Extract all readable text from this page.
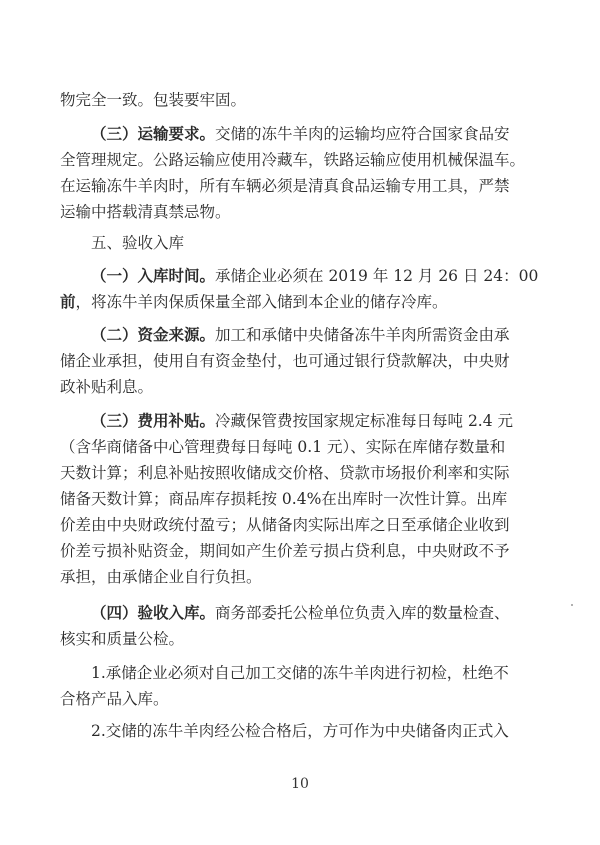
物完全一致。包装要牢固。
（三）运输要求。交储的冻牛羊肉的运输均应符合国家食品安
全管理规定。公路运输应使用冷藏车，铁路运输应使用机械保温车。
在运输冻牛羊肉时，所有车辆必须是清真食品运输专用工具，严禁
运输中搭载清真禁忌物。
五、验收入库
（一）入库时间。承储企业必须在 2019 年 12 月 26 日 24：00
前，将冻牛羊肉保质保量全部入储到本企业的储存冷库。
（二）资金来源。加工和承储中央储备冻牛羊肉所需资金由承
储企业承担，使用自有资金垫付，也可通过银行贷款解决，中央财
政补贴利息。
（三）费用补贴。冷藏保管费按国家规定标准每日每吨 2.4 元
（含华商储备中心管理费每日每吨 0.1 元）、实际在库储存数量和
天数计算；利息补贴按照收储成交价格、贷款市场报价利率和实际
储备天数计算；商品库存损耗按 0.4%在出库时一次性计算。出库
价差由中央财政统付盈亏；从储备肉实际出库之日至承储企业收到
价差亏损补贴资金，期间如产生价差亏损占贷利息，中央财政不予
承担，由承储企业自行负担。
（四）验收入库。商务部委托公检单位负责入库的数量检查、
核实和质量公检。
1.承储企业必须对自己加工交储的冻牛羊肉进行初检，杜绝不
合格产品入库。
2.交储的冻牛羊肉经公检合格后，方可作为中央储备肉正式入
10
